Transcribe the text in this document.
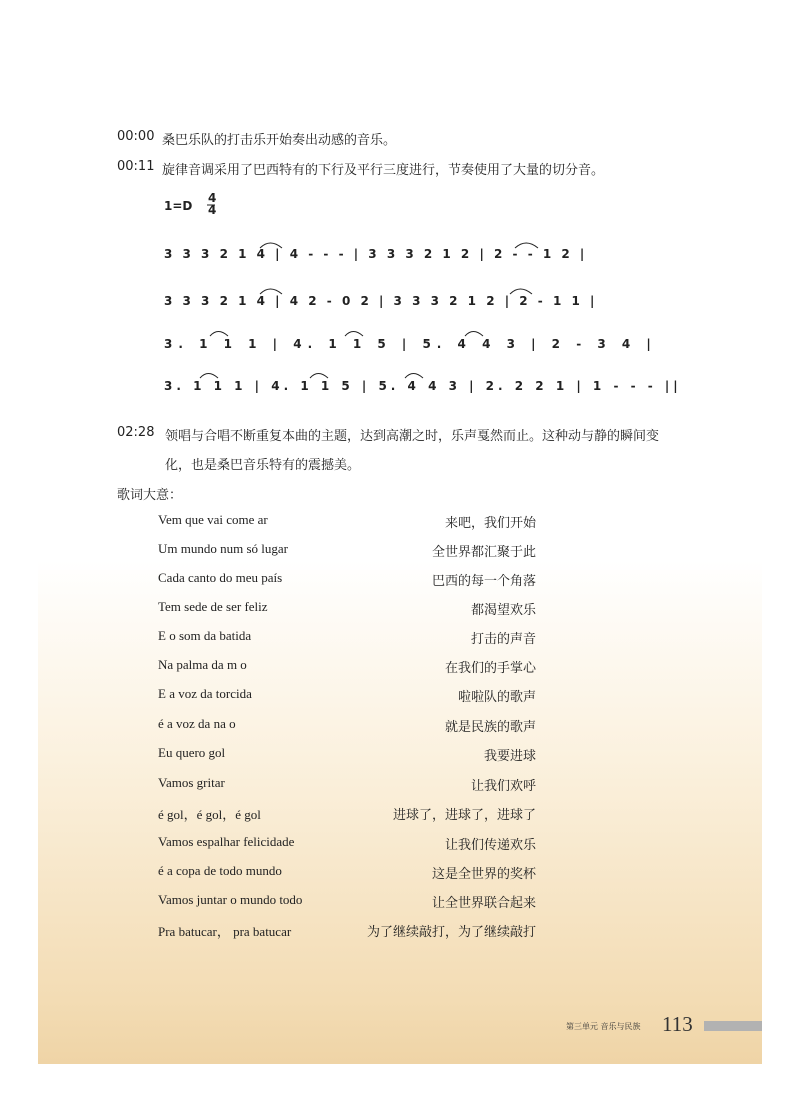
00:00 桑巴乐队的打击乐开始奏出动感的音乐。
00:11 旋律音调采用了巴西特有的下行及平行三度进行，节奏使用了大量的切分音。
1=D
4
4
3 3 3 2 1 4 | 4 - - - | 3 3 3 2 1 2 | 2 - - 1 2 |
3 3 3 2 1 4 | 4 2 - 0 2 | 3 3 3 2 1 2 | 2 - 1 1 |
3. 1 1 1 | 4. 1 1 5 | 5. 4 4 3 | 2 - 3 4 |
3. 1 1 1 | 4. 1 1 5 | 5. 4 4 3 | 2. 2 2 1 | 1 - - - ||
02:28 领唱与合唱不断重复本曲的主题，达到高潮之时，乐声戛然而止。这种动与静的瞬间变
化，也是桑巴音乐特有的震撼美。
歌词大意：
Vem que vai come ar	来吧，我们开始
Um mundo num só lugar	全世界都汇聚于此
Cada canto do meu país	巴西的每一个角落
Tem sede de ser feliz	都渴望欢乐
E o som da batida	打击的声音
Na palma da m o	在我们的手掌心
E a voz da torcida	啦啦队的歌声
é a voz da na o	就是民族的歌声
Eu quero gol	我要进球
Vamos gritar	让我们欢呼
é gol，é gol，é gol	进球了，进球了，进球了
Vamos espalhar felicidade	让我们传递欢乐
é a copa de todo mundo	这是全世界的奖杯
Vamos juntar o mundo todo	让全世界联合起来
Pra batucar， pra batucar	为了继续敲打，为了继续敲打
第三单元 音乐与民族 113
